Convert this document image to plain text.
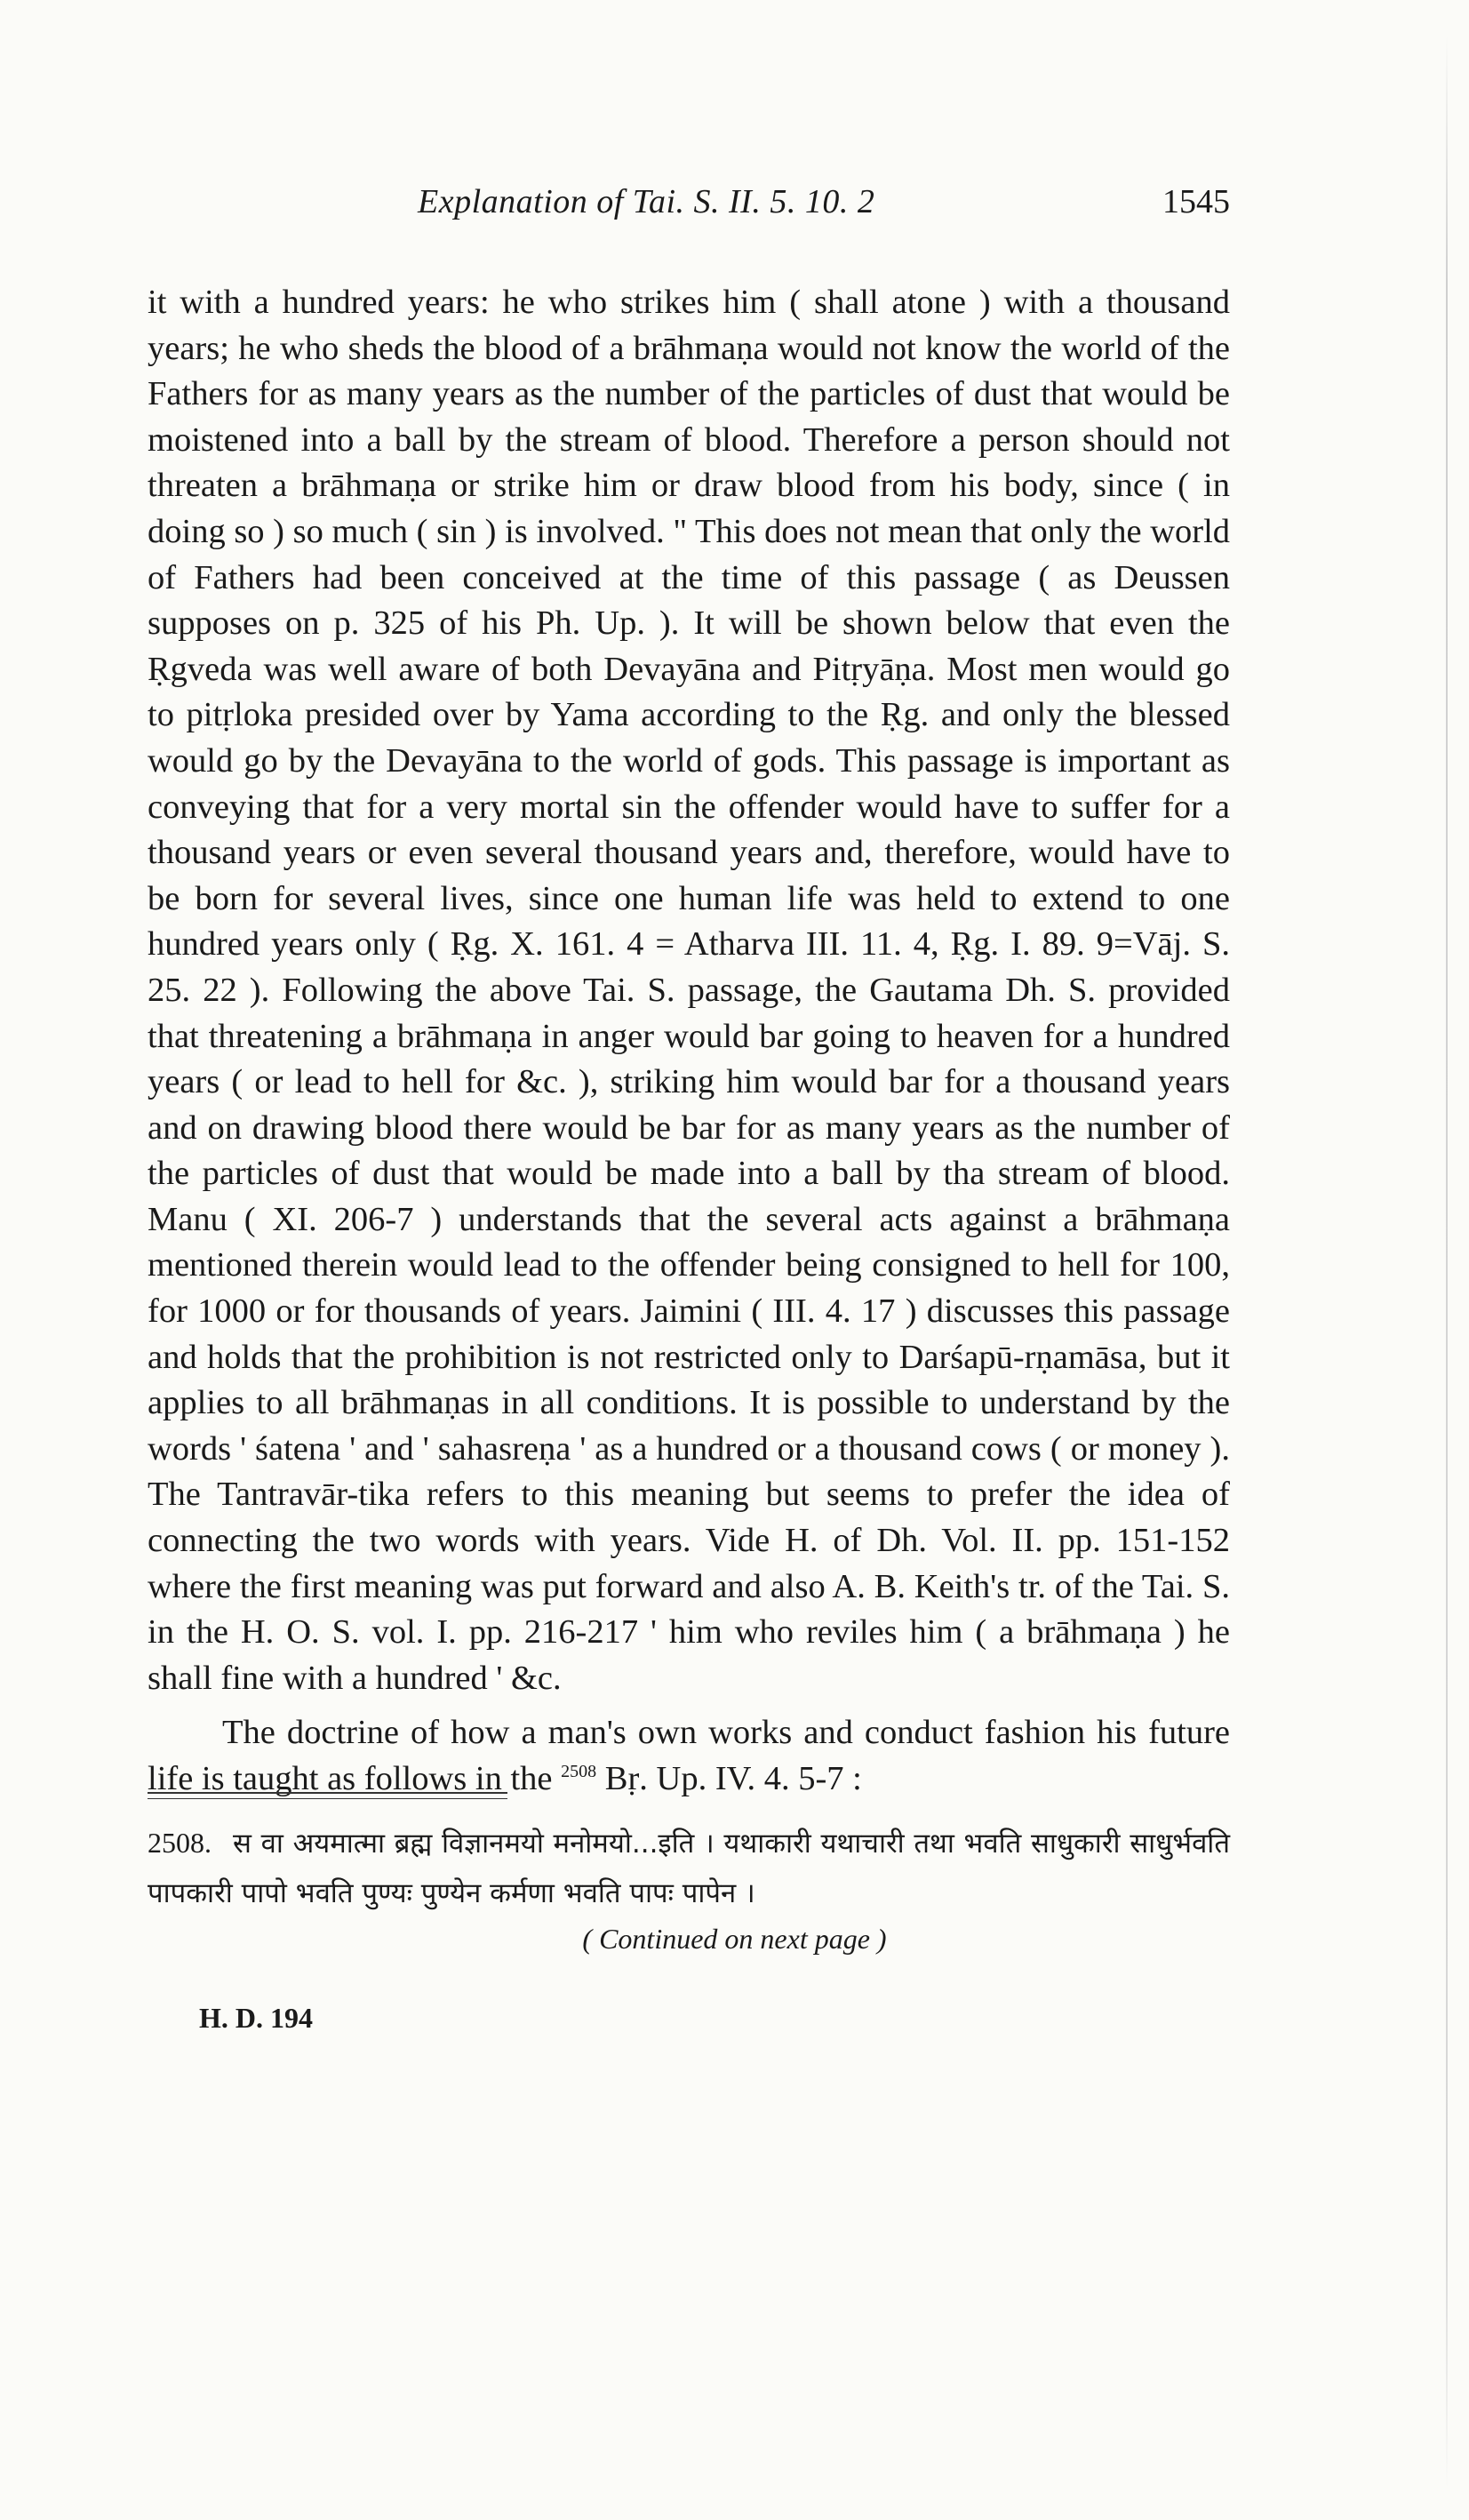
Explanation of Tai. S. II. 5. 10. 2	1545

it with a hundred years: he who strikes him ( shall atone ) with a thousand years; he who sheds the blood of a brāhmaṇa would not know the world of the Fathers for as many years as the number of the particles of dust that would be moistened into a ball by the stream of blood. Therefore a person should not threaten a brāhmaṇa or strike him or draw blood from his body, since ( in doing so ) so much ( sin ) is involved. " This does not mean that only the world of Fathers had been conceived at the time of this passage ( as Deussen supposes on p. 325 of his Ph. Up. ). It will be shown below that even the Ṛgveda was well aware of both Devayāna and Pitṛyāṇa. Most men would go to pitṛloka presided over by Yama according to the Ṛg. and only the blessed would go by the Devayāna to the world of gods. This passage is important as conveying that for a very mortal sin the offender would have to suffer for a thousand years or even several thousand years and, therefore, would have to be born for several lives, since one human life was held to extend to one hundred years only ( Ṛg. X. 161. 4 = Atharva III. 11. 4, Ṛg. I. 89. 9=Vāj. S. 25. 22 ). Following the above Tai. S. passage, the Gautama Dh. S. provided that threatening a brāhmaṇa in anger would bar going to heaven for a hundred years ( or lead to hell for &c. ), striking him would bar for a thousand years and on drawing blood there would be bar for as many years as the number of the particles of dust that would be made into a ball by tha stream of blood. Manu ( XI. 206-7 ) understands that the several acts against a brāhmaṇa mentioned therein would lead to the offender being consigned to hell for 100, for 1000 or for thousands of years. Jaimini ( III. 4. 17 ) discusses this passage and holds that the prohibition is not restricted only to Darśapū-rṇamāsa, but it applies to all brāhmaṇas in all conditions. It is possible to understand by the words ' śatena ' and ' sahasreṇa ' as a hundred or a thousand cows ( or money ). The Tantravār-tika refers to this meaning but seems to prefer the idea of connecting the two words with years. Vide H. of Dh. Vol. II. pp. 151-152 where the first meaning was put forward and also A. B. Keith's tr. of the Tai. S. in the H. O. S. vol. I. pp. 216-217 ' him who reviles him ( a brāhmaṇa ) he shall fine with a hundred ' &c.

The doctrine of how a man's own works and conduct fashion his future life is taught as follows in the $^{2508}$ Bṛ. Up. IV. 4. 5-7 :

2508. स वा अयमात्मा ब्रह्म विज्ञानमयो मनोमयो...इति । यथाकारी यथाचारी तथा भवति साधुकारी साधुर्भवति पापकारी पापो भवति पुण्यः पुण्येन कर्मणा भवति पापः पापेन ।
( Continued on next page )
H. D. 194
